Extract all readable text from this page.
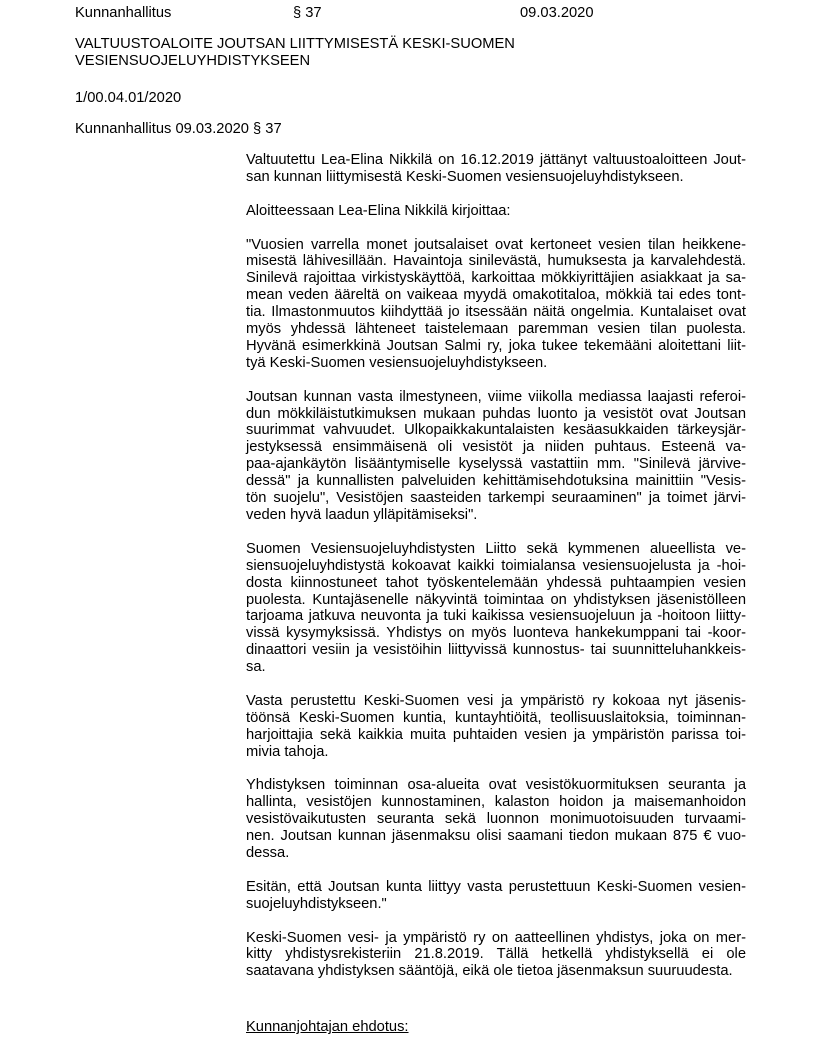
Kunnanhallitus	§ 37	09.03.2020
VALTUUSTOALOITE JOUTSAN LIITTYMISESTÄ KESKI-SUOMEN VESIENSUOJELUYHDISTYKSEEN
1/00.04.01/2020
Kunnanhallitus 09.03.2020 § 37
Valtuutettu Lea-Elina Nikkilä on 16.12.2019 jättänyt valtuustoaloitteen Jout-
san kunnan liittymisestä Keski-Suomen vesiensuojeluyhdistykseen.
Aloitteessaan Lea-Elina Nikkilä kirjoittaa:
"Vuosien varrella monet joutsalaiset ovat kertoneet vesien tilan heikkene-
misestä lähivesillään. Havaintoja sinilevästä, humuksesta ja karvalehdestä.
Sinilevä rajoittaa virkistyskäyttöä, karkoittaa mökkiyrittäjien asiakkaat ja sa-
mean veden ääreltä on vaikeaa myydä omakotitaloa, mökkiä tai edes tont-
tia. Ilmastonmuutos kiihdyttää jo itsessään näitä ongelmia. Kuntalaiset ovat
myös yhdessä lähteneet taistelemaan paremman vesien tilan puolesta.
Hyvänä esimerkkinä Joutsan Salmi ry, joka tukee tekemääni aloitettani liit-
tyä Keski-Suomen vesiensuojeluyhdistykseen.
Joutsan kunnan vasta ilmestyneen, viime viikolla mediassa laajasti referoi-
dun mökkiläistutkimuksen mukaan puhdas luonto ja vesistöt ovat Joutsan
suurimmat vahvuudet. Ulkopaikkakuntalaisten kesäasukkaiden tärkeysjär-
jestyksessä ensimmäisenä oli vesistöt ja niiden puhtaus. Esteenä va-
paa-ajankäytön lisääntymiselle kyselyssä vastattiin mm. "Sinilevä järvive-
dessä" ja kunnallisten palveluiden kehittämisehdotuksina mainittiin "Vesis-
tön suojelu", Vesistöjen saasteiden tarkempi seuraaminen" ja toimet järvi-
veden hyvä laadun ylläpitämiseksi".
Suomen Vesiensuojeluyhdistysten Liitto sekä kymmenen alueellista ve-
siensuojeluyhdistystä kokoavat kaikki toimialansa vesiensuojelusta ja -hoi-
dosta kiinnostuneet tahot työskentelemään yhdessä puhtaampien vesien
puolesta. Kuntajäsenelle näkyvintä toimintaa on yhdistyksen jäsenistölleen
tarjoama jatkuva neuvonta ja tuki kaikissa vesiensuojeluun ja -hoitoon liitty-
vissä kysymyksissä. Yhdistys on myös luonteva hankekumppani tai -koor-
dinaattori vesiin ja vesistöihin liittyvissä kunnostus- tai suunnitteluhankkeis-
sa.
Vasta perustettu Keski-Suomen vesi ja ympäristö ry kokoaa nyt jäsenis-
töönsä Keski-Suomen kuntia, kuntayhtiöitä, teollisuuslaitoksia, toiminnan-
harjoittajia sekä kaikkia muita puhtaiden vesien ja ympäristön parissa toi-
mivia tahoja.
Yhdistyksen toiminnan osa-alueita ovat vesistökuormituksen seuranta ja
hallinta, vesistöjen kunnostaminen, kalaston hoidon ja maisemanhoidon
vesistövaikutusten seuranta sekä luonnon monimuotoisuuden turvaami-
nen. Joutsan kunnan jäsenmaksu olisi saamani tiedon mukaan 875 € vuo-
dessa.
Esitän, että Joutsan kunta liittyy vasta perustettuun Keski-Suomen vesien-
suojeluyhdistykseen."
Keski-Suomen vesi- ja ympäristö ry on aatteellinen yhdistys, joka on mer-
kitty yhdistysrekisteriin 21.8.2019. Tällä hetkellä yhdistyksellä ei ole
saatavana yhdistyksen sääntöjä, eikä ole tietoa jäsenmaksun suuruudesta.
Kunnanjohtajan ehdotus:
